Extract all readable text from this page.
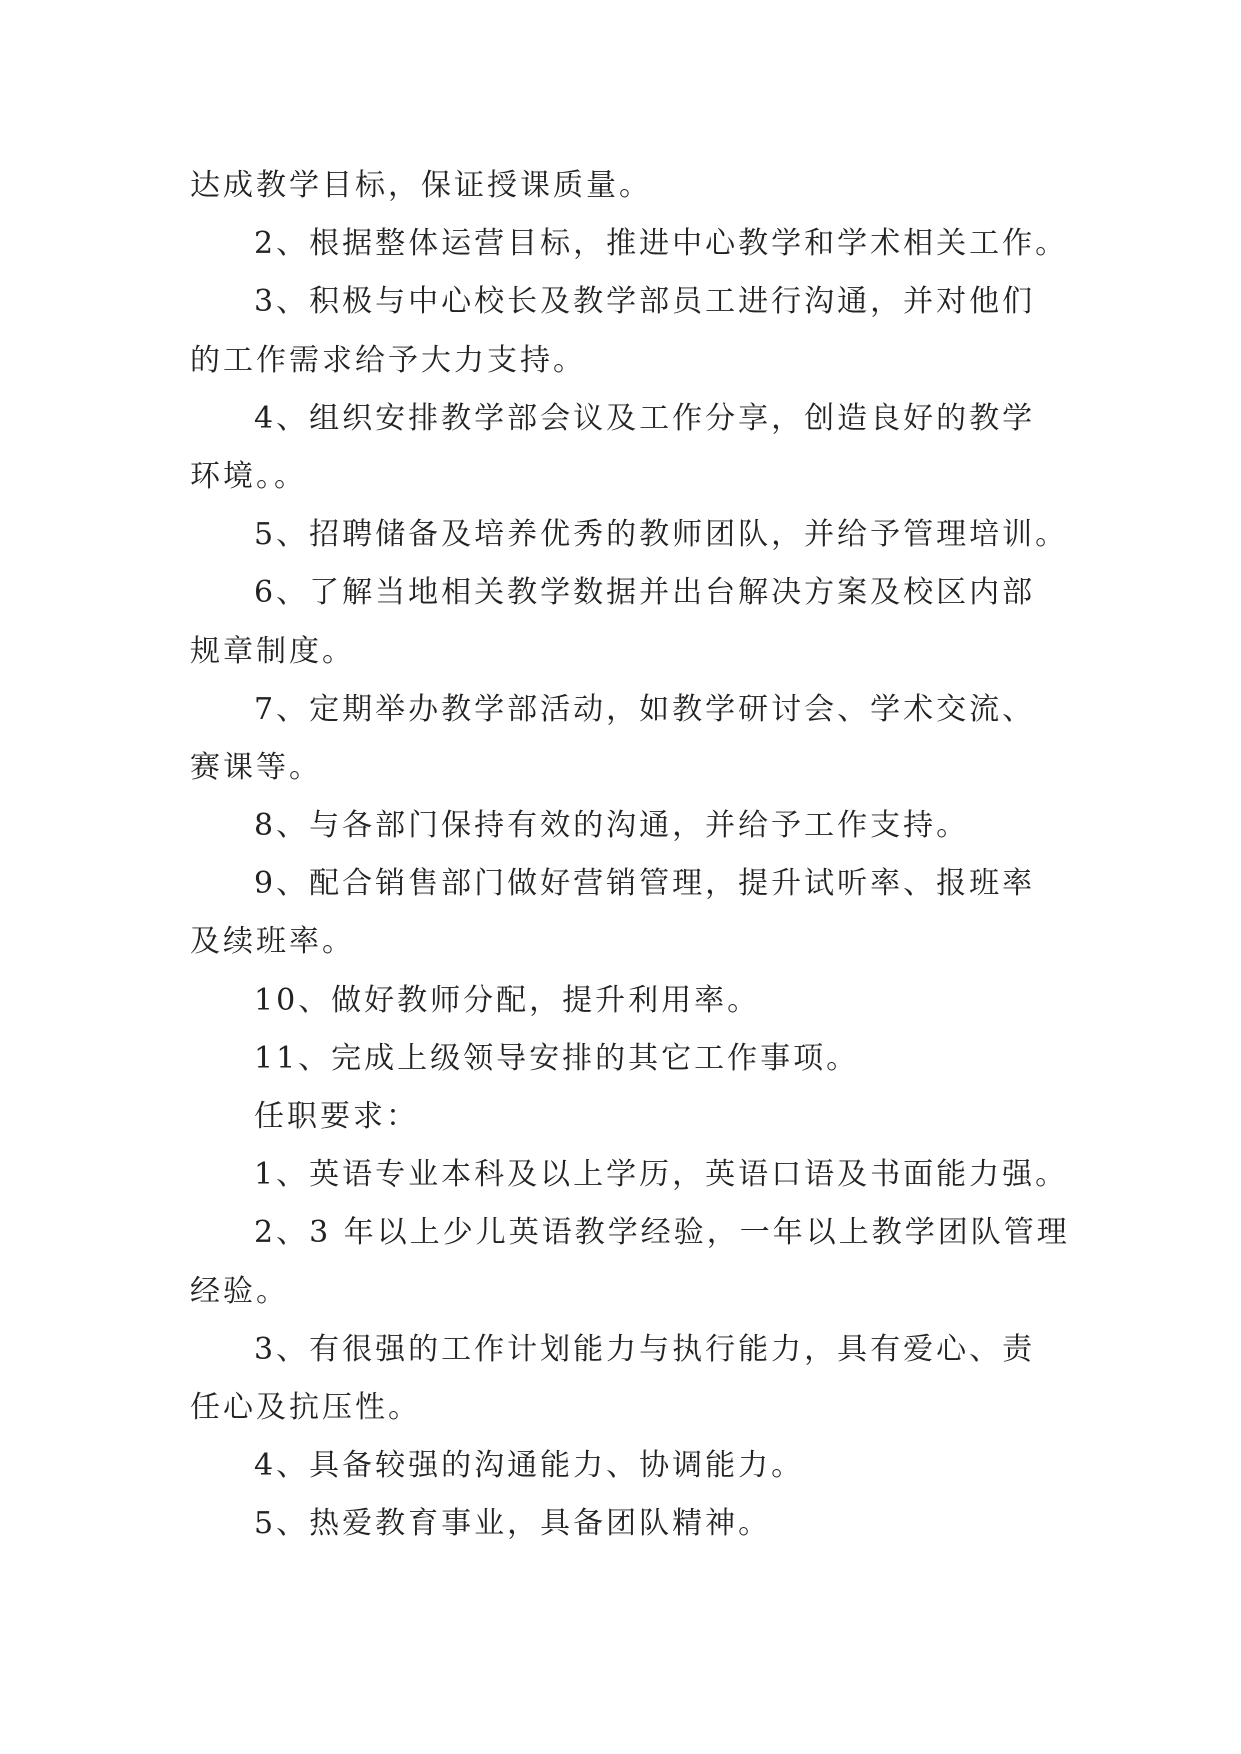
达成教学目标，保证授课质量。
2、根据整体运营目标，推进中心教学和学术相关工作。
3、积极与中心校长及教学部员工进行沟通，并对他们
的工作需求给予大力支持。
4、组织安排教学部会议及工作分享，创造良好的教学
环境。。
5、招聘储备及培养优秀的教师团队，并给予管理培训。
6、了解当地相关教学数据并出台解决方案及校区内部
规章制度。
7、定期举办教学部活动，如教学研讨会、学术交流、
赛课等。
8、与各部门保持有效的沟通，并给予工作支持。
9、配合销售部门做好营销管理，提升试听率、报班率
及续班率。
10、做好教师分配，提升利用率。
11、完成上级领导安排的其它工作事项。
任职要求：
1、英语专业本科及以上学历，英语口语及书面能力强。
2、3 年以上少儿英语教学经验，一年以上教学团队管理
经验。
3、有很强的工作计划能力与执行能力，具有爱心、责
任心及抗压性。
4、具备较强的沟通能力、协调能力。
5、热爱教育事业，具备团队精神。
